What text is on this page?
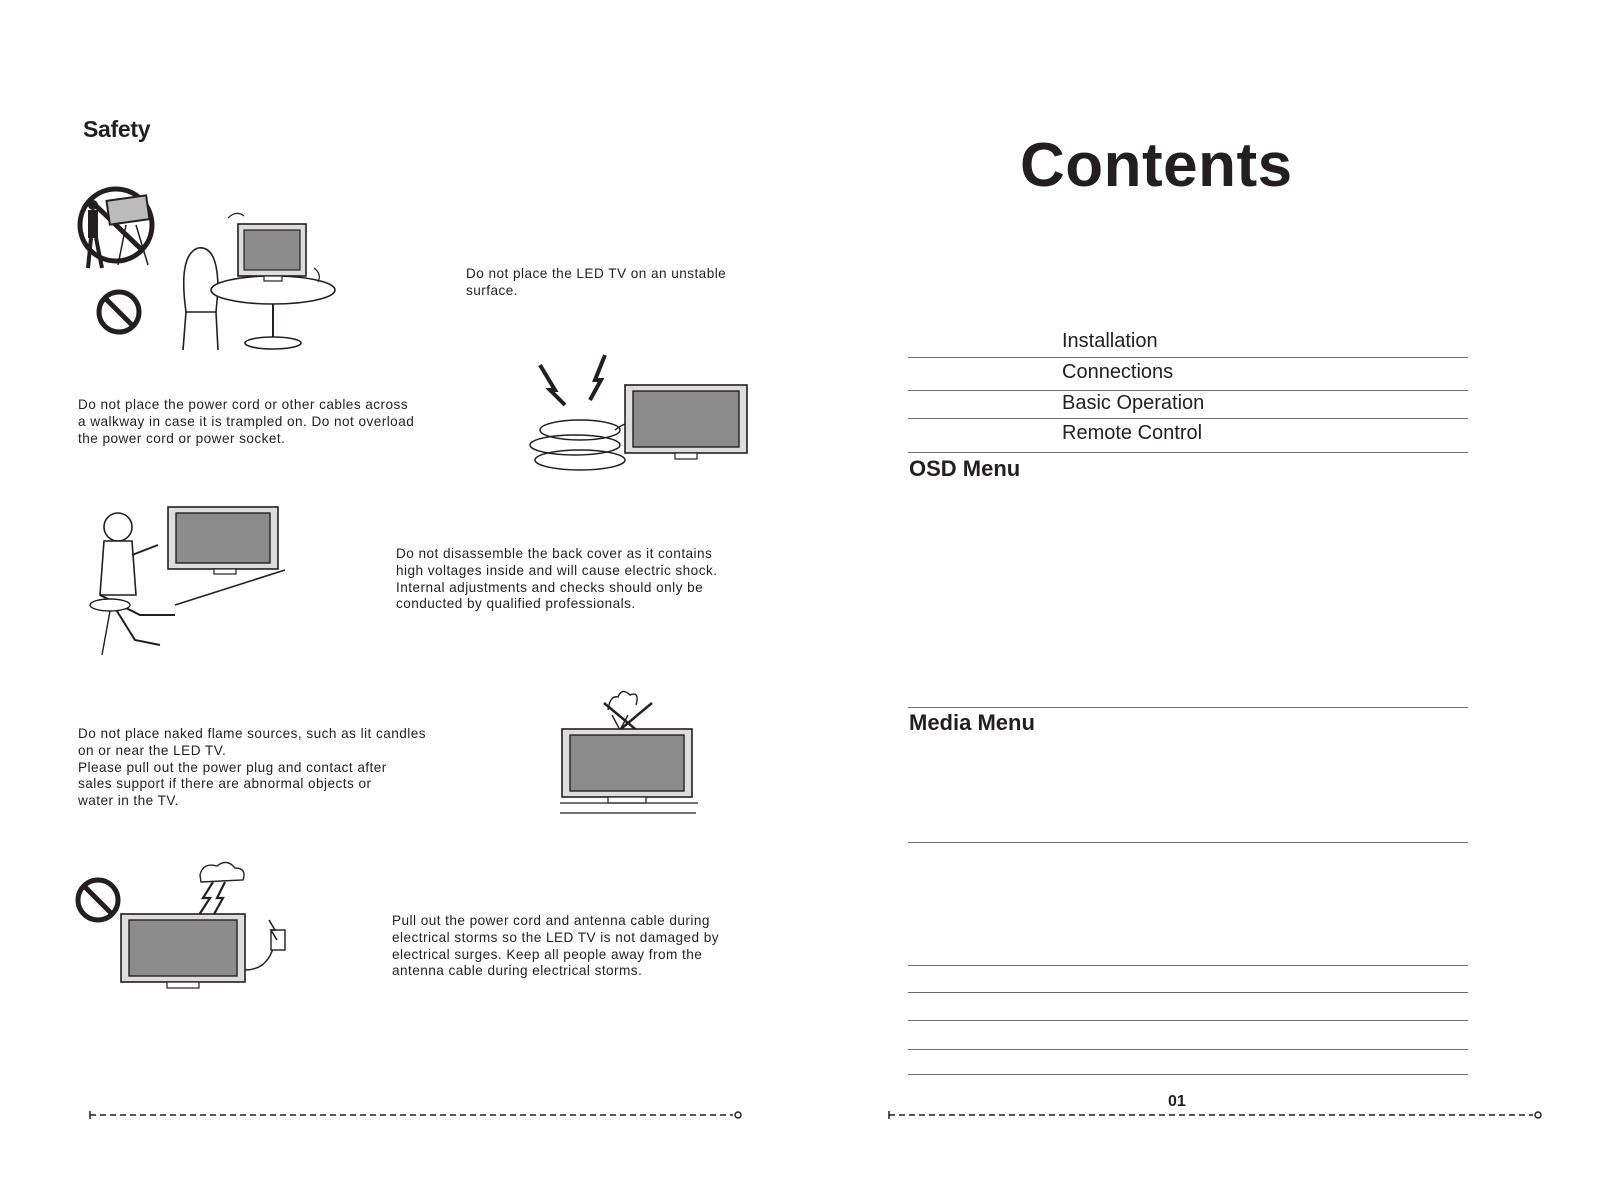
Safety
Do not place the LED TV on an unstable
surface.
Do not place the power cord or other cables across
a walkway in case it is trampled on. Do not overload
the power cord or power socket.
Do not disassemble the back cover as it contains
high voltages inside and will cause electric shock.
Internal adjustments and checks should only be
conducted by qualified professionals.
Do not place naked flame sources, such as lit candles
on or near the LED TV.
Please pull out the power plug and contact after
sales support if there are abnormal objects or
water in the TV.
Pull out the power cord and antenna cable during
electrical storms so the LED TV is not damaged by
electrical surges. Keep all people away from the
antenna cable during electrical storms.
Contents
Installation
Connections
Basic Operation
Remote Control
OSD Menu
Media Menu
01
